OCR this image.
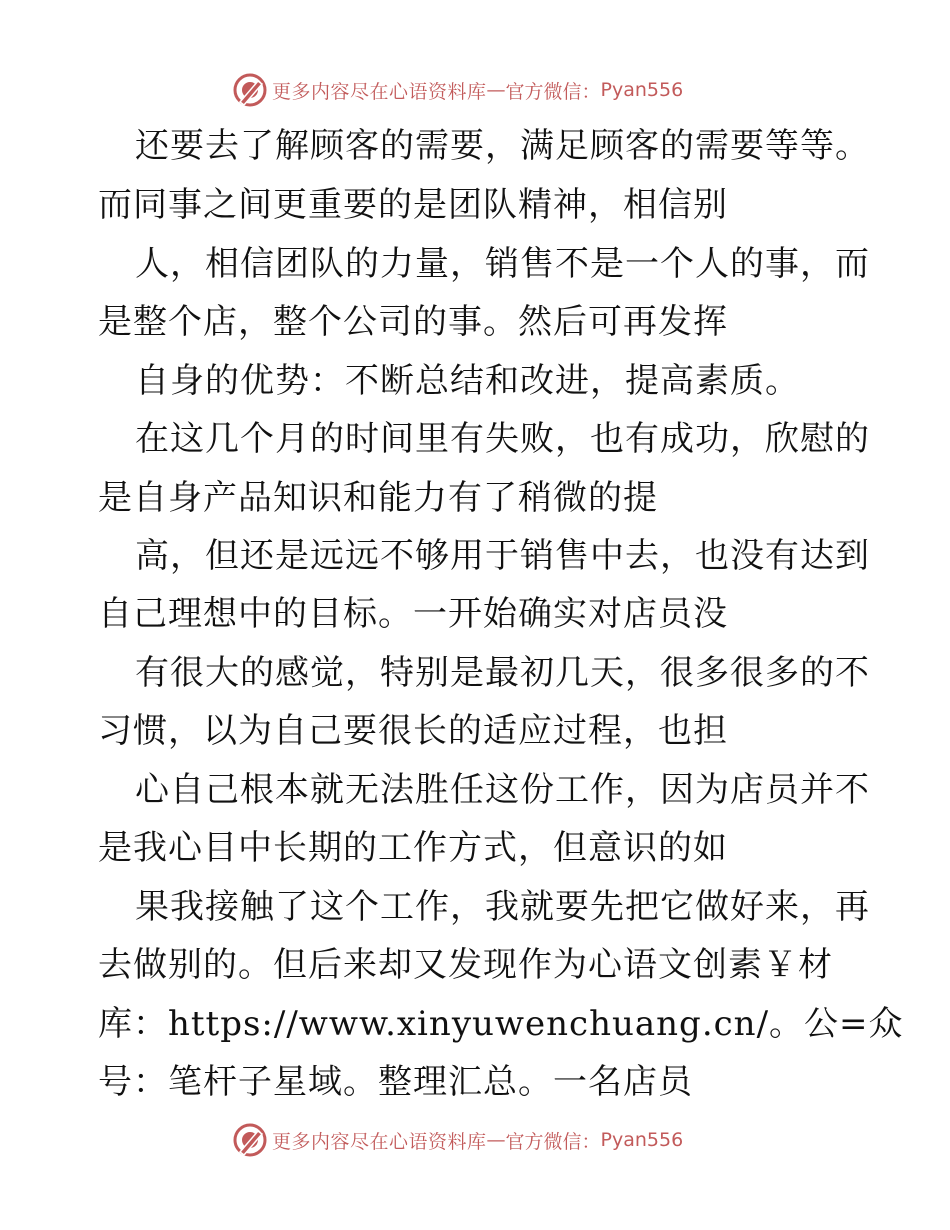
更多内容尽在心语资料库 — 官方微信： Pyan556
还要去了解顾客的需要，满足顾客的需要等等。
而同事之间更重要的是团队精神，相信别
人，相信团队的力量，销售不是一个人的事，而
是整个店，整个公司的事。然后可再发挥
自身的优势：不断总结和改进，提高素质。
在这几个月的时间里有失败，也有成功，欣慰的
是自身产品知识和能力有了稍微的提
高，但还是远远不够用于销售中去，也没有达到
自己理想中的目标。一开始确实对店员没
有很大的感觉，特别是最初几天，很多很多的不
习惯，以为自己要很长的适应过程，也担
心自己根本就无法胜任这份工作，因为店员并不
是我心目中长期的工作方式，但意识的如
果我接触了这个工作，我就要先把它做好来，再
去做别的。但后来却又发现作为心语文创素￥材
库：https://www.xinyuwenchuang.cn/。公=众
号：笔杆子星域。整理汇总。一名店员
更多内容尽在心语资料库 — 官方微信： Pyan556
